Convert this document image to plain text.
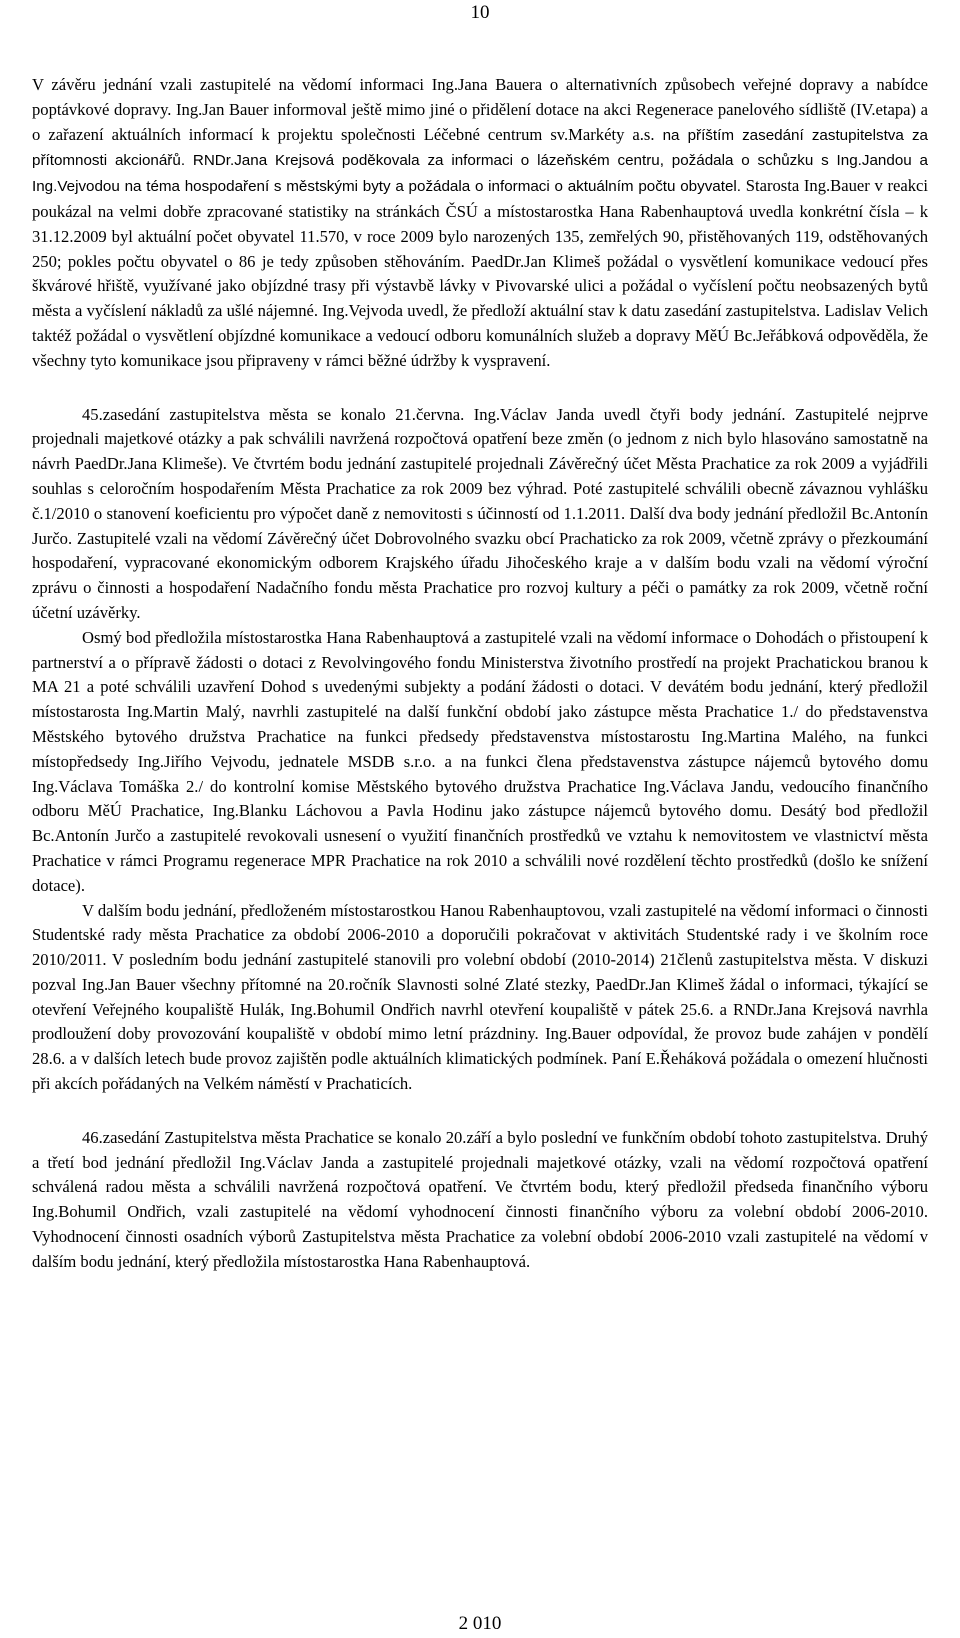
10

V závěru jednání vzali zastupitelé na vědomí informaci Ing.Jana Bauera o alternativních způsobech veřejné dopravy a nabídce poptávkové dopravy. Ing.Jan Bauer informoval ještě mimo jiné o přidělení dotace na akci Regenerace panelového sídliště (IV.etapa) a o zařazení aktuálních informací k projektu společnosti Léčebné centrum sv.Markéty a.s. na příštím zasedání zastupitelstva za přítomnosti akcionářů. RNDr.Jana Krejsová poděkovala za informaci o lázeňském centru, požádala o schůzku s Ing.Jandou a Ing.Vejvodou na téma hospodaření s městskými byty a požádala o informaci o aktuálním počtu obyvatel. Starosta Ing.Bauer v reakci poukázal na velmi dobře zpracované statistiky na stránkách ČSÚ a místostarostka Hana Rabenhauptová uvedla konkrétní čísla – k 31.12.2009 byl aktuální počet obyvatel 11.570, v roce 2009 bylo narozených 135, zemřelých 90, přistěhovaných 119, odstěhovaných 250; pokles počtu obyvatel o 86 je tedy způsoben stěhováním. PaedDr.Jan Klimeš požádal o vysvětlení komunikace vedoucí přes škvárové hřiště, využívané jako objízdné trasy při výstavbě lávky v Pivovarské ulici a požádal o vyčíslení počtu neobsazených bytů města a vyčíslení nákladů za ušlé nájemné. Ing.Vejvoda uvedl, že předloží aktuální stav k datu zasedání zastupitelstva. Ladislav Velich taktéž požádal o vysvětlení objízdné komunikace a vedoucí odboru komunálních služeb a dopravy MěÚ Bc.Jeřábková odpověděla, že všechny tyto komunikace jsou připraveny v rámci běžné údržby k vyspravení.

45.zasedání zastupitelstva města se konalo 21.června. Ing.Václav Janda uvedl čtyři body jednání. Zastupitelé nejprve projednali majetkové otázky a pak schválili navržená rozpočtová opatření beze změn (o jednom z nich bylo hlasováno samostatně na návrh PaedDr.Jana Klimeše). Ve čtvrtém bodu jednání zastupitelé projednali Závěrečný účet Města Prachatice za rok 2009 a vyjádřili souhlas s celoročním hospodařením Města Prachatice za rok 2009 bez výhrad. Poté zastupitelé schválili obecně závaznou vyhlášku č.1/2010 o stanovení koeficientu pro výpočet daně z nemovitosti s účinností od 1.1.2011. Další dva body jednání předložil Bc.Antonín Jurčo. Zastupitelé vzali na vědomí Závěrečný účet Dobrovolného svazku obcí Prachaticko za rok 2009, včetně zprávy o přezkoumání hospodaření, vypracované ekonomickým odborem Krajského úřadu Jihočeského kraje a v dalším bodu vzali na vědomí výroční zprávu o činnosti a hospodaření Nadačního fondu města Prachatice pro rozvoj kultury a péči o památky za rok 2009, včetně roční účetní uzávěrky.

Osmý bod předložila místostarostka Hana Rabenhauptová a zastupitelé vzali na vědomí informace o Dohodách o přistoupení k partnerství a o přípravě žádosti o dotaci z Revolvingového fondu Ministerstva životního prostředí na projekt Prachatickou branou k MA 21 a poté schválili uzavření Dohod s uvedenými subjekty a podání žádosti o dotaci. V devátém bodu jednání, který předložil místostarosta Ing.Martin Malý, navrhli zastupitelé na další funkční období jako zástupce města Prachatice 1./ do představenstva Městského bytového družstva Prachatice na funkci předsedy představenstva místostarostu Ing.Martina Malého, na funkci místopředsedy Ing.Jiřího Vejvodu, jednatele MSDB s.r.o. a na funkci člena představenstva zástupce nájemců bytového domu Ing.Václava Tomáška 2./ do kontrolní komise Městského bytového družstva Prachatice Ing.Václava Jandu, vedoucího finančního odboru MěÚ Prachatice, Ing.Blanku Láchovou a Pavla Hodinu jako zástupce nájemců bytového domu. Desátý bod předložil Bc.Antonín Jurčo a zastupitelé revokovali usnesení o využití finančních prostředků ve vztahu k nemovitostem ve vlastnictví města Prachatice v rámci Programu regenerace MPR Prachatice na rok 2010 a schválili nové rozdělení těchto prostředků (došlo ke snížení dotace).

V dalším bodu jednání, předloženém místostarostkou Hanou Rabenhauptovou, vzali zastupitelé na vědomí informaci o činnosti Studentské rady města Prachatice za období 2006-2010 a doporučili pokračovat v aktivitách Studentské rady i ve školním roce 2010/2011. V posledním bodu jednání zastupitelé stanovili pro volební období (2010-2014) 21členů zastupitelstva města. V diskuzi pozval Ing.Jan Bauer všechny přítomné na 20.ročník Slavnosti solné Zlaté stezky, PaedDr.Jan Klimeš žádal o informaci, týkající se otevření Veřejného koupaliště Hulák, Ing.Bohumil Ondřich navrhl otevření koupaliště v pátek 25.6. a RNDr.Jana Krejsová navrhla prodloužení doby provozování koupaliště v období mimo letní prázdniny. Ing.Bauer odpovídal, že provoz bude zahájen v pondělí 28.6. a v dalších letech bude provoz zajištěn podle aktuálních klimatických podmínek. Paní E.Řeháková požádala o omezení hlučnosti při akcích pořádaných na Velkém náměstí v Prachaticích.

46.zasedání Zastupitelstva města Prachatice se konalo 20.září a bylo poslední ve funkčním období tohoto zastupitelstva. Druhý a třetí bod jednání předložil Ing.Václav Janda a zastupitelé projednali majetkové otázky, vzali na vědomí rozpočtová opatření schválená radou města a schválili navržená rozpočtová opatření. Ve čtvrtém bodu, který předložil předseda finančního výboru Ing.Bohumil Ondřich, vzali zastupitelé na vědomí vyhodnocení činnosti finančního výboru za volební období 2006-2010. Vyhodnocení činnosti osadních výborů Zastupitelstva města Prachatice za volební období 2006-2010 vzali zastupitelé na vědomí v dalším bodu jednání, který předložila místostarostka Hana Rabenhauptová.

2 010
